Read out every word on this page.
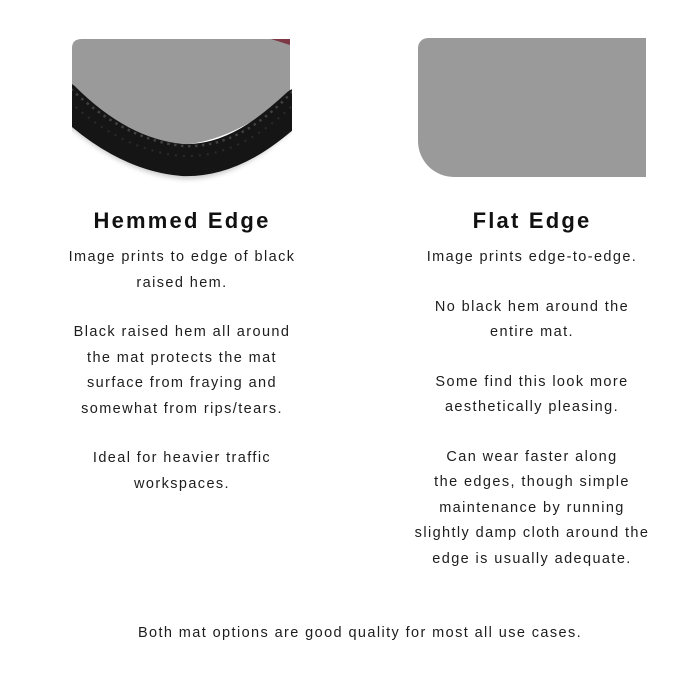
Hemmed Edge

Image prints to edge of black
raised hem.

Black raised hem all around
the mat protects the mat
surface from fraying and
somewhat from rips/tears.

Ideal for heavier traffic
workspaces.

Flat Edge

Image prints edge-to-edge.

No black hem around the
entire mat.

Some find this look more
aesthetically pleasing.

Can wear faster along
the edges, though simple
maintenance by running
slightly damp cloth around the
edge is usually adequate.

Both mat options are good quality for most all use cases.
